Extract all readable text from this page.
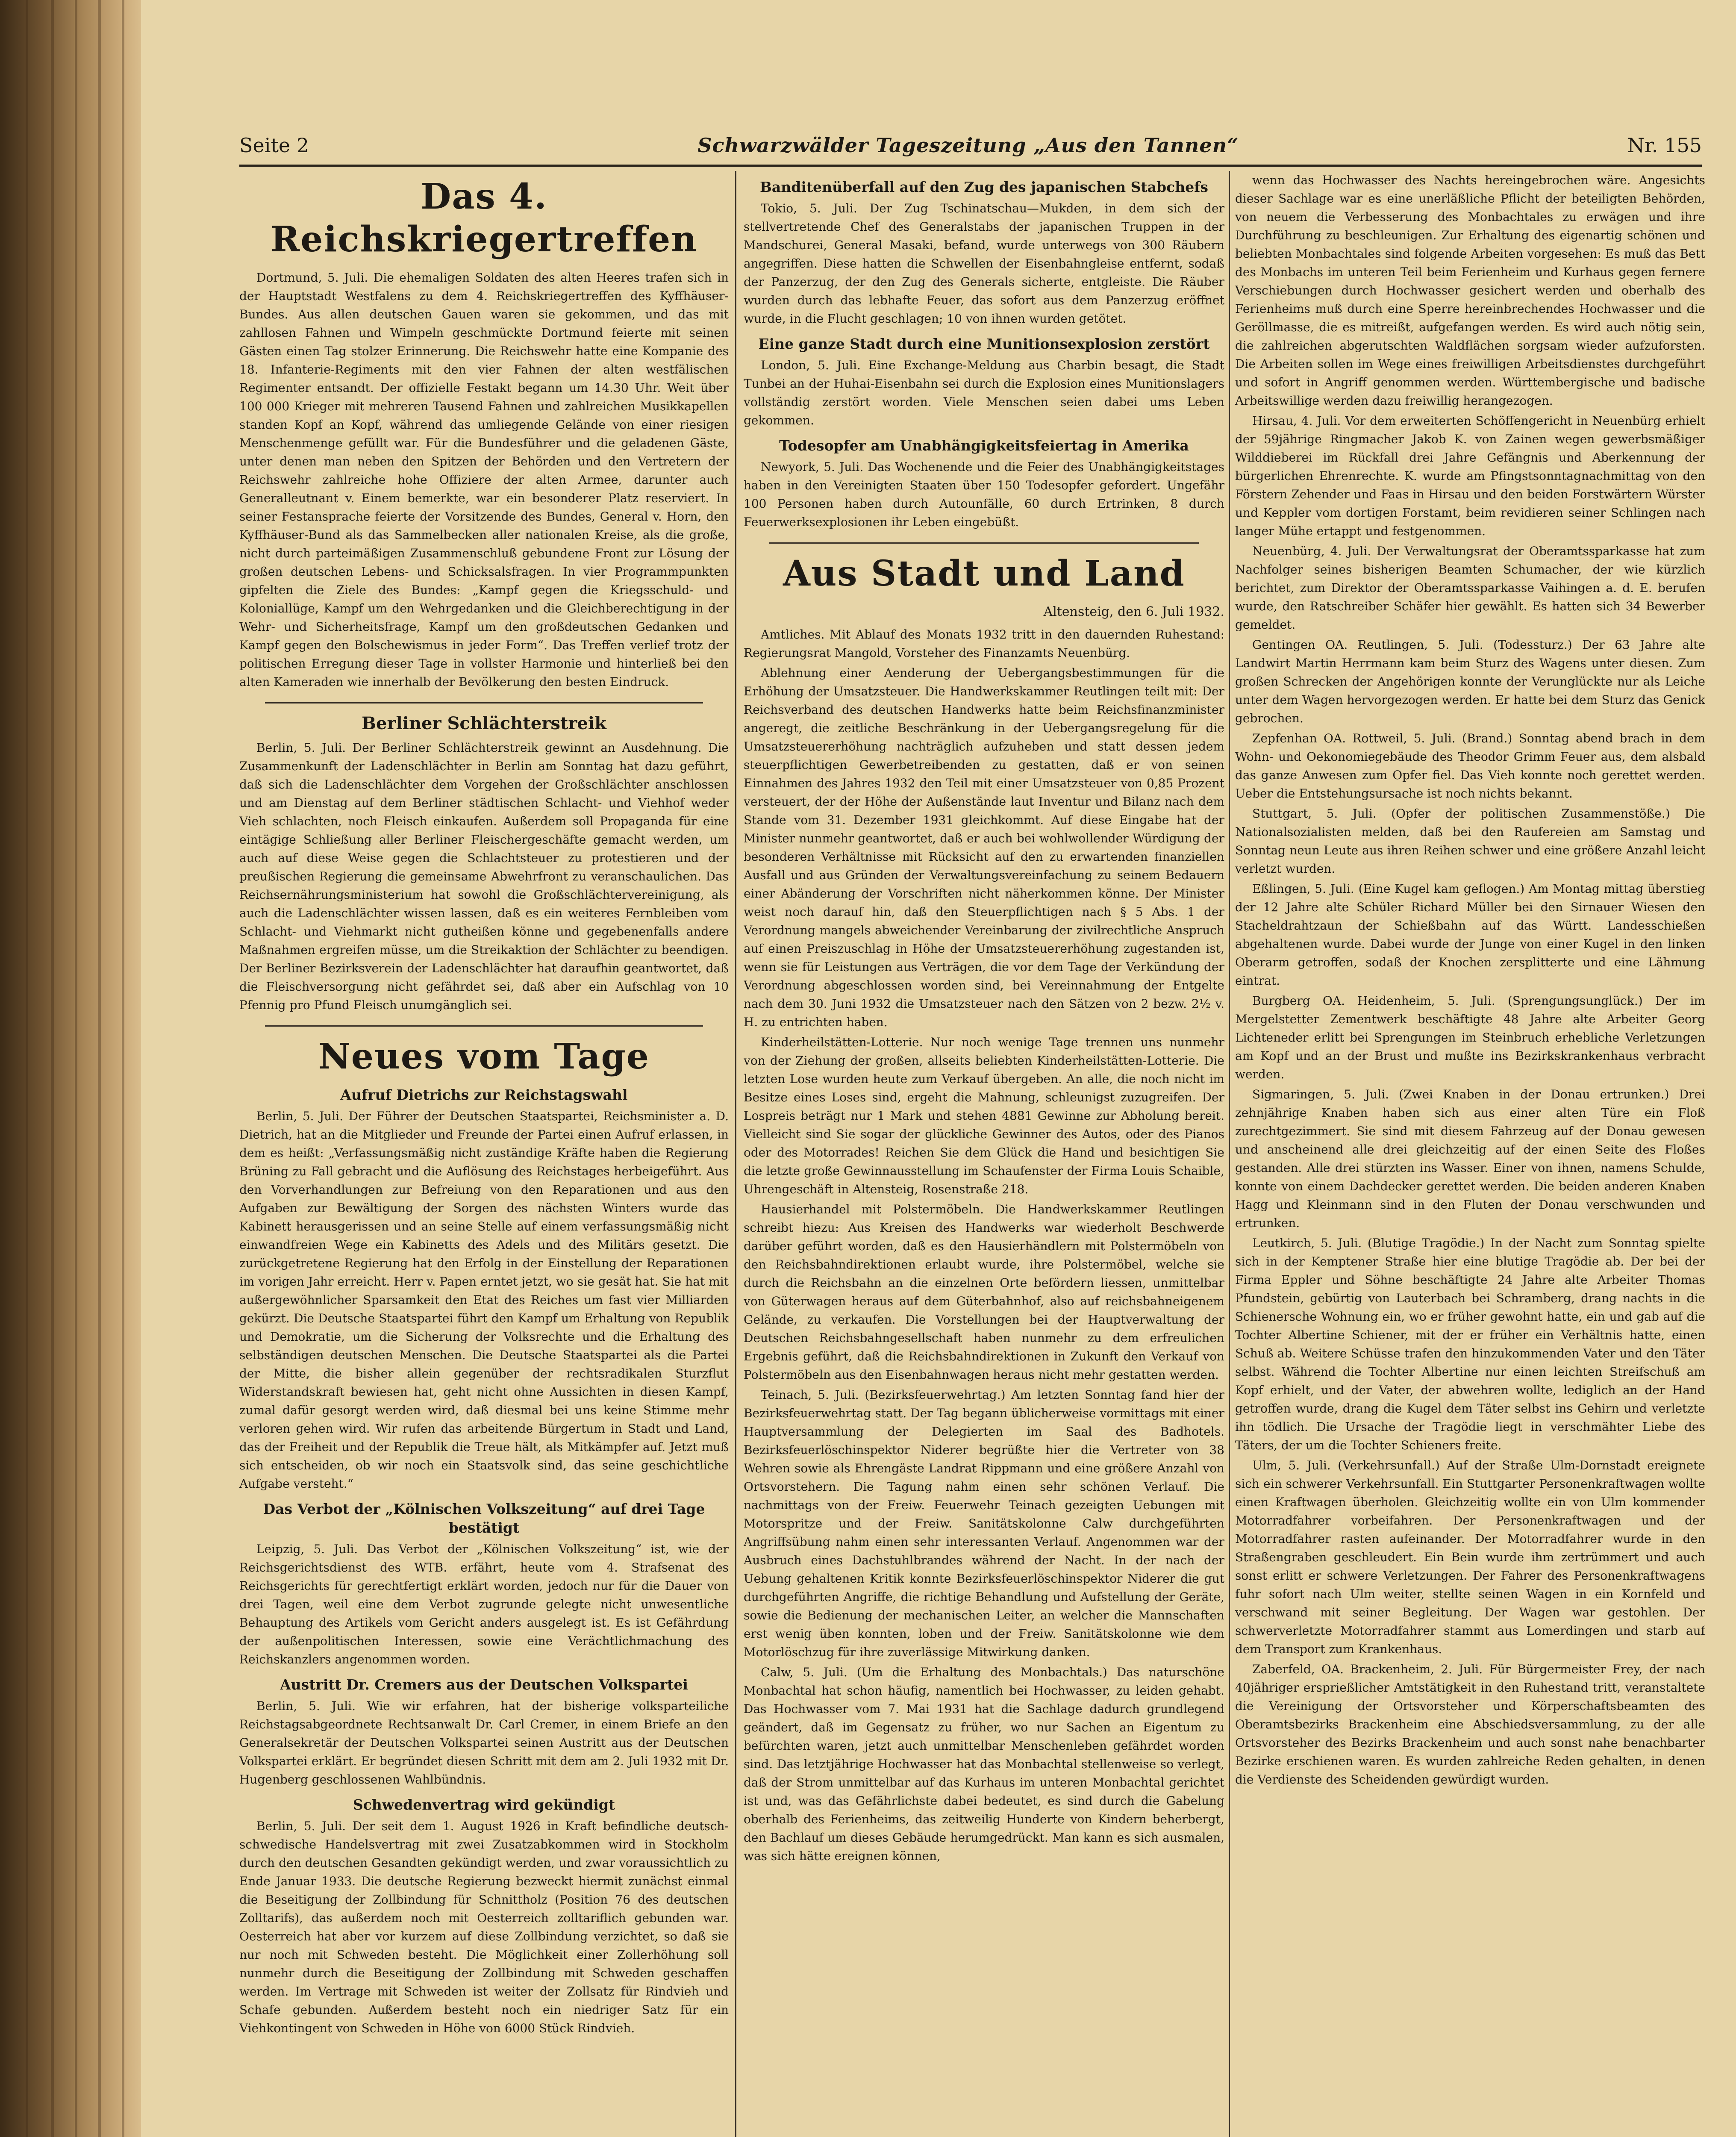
Seite 2	Schwarzwälder Tageszeitung „Aus den Tannen“	Nr. 155
Das 4. Reichskriegertreffen

Dortmund, 5. Juli. Die ehemaligen Soldaten des alten Heeres trafen sich in der Hauptstadt Westfalens zu dem 4. Reichskriegertreffen des Kyffhäuser-Bundes. Aus allen deutschen Gauen waren sie gekommen, und das mit zahllosen Fahnen und Wimpeln geschmückte Dortmund feierte mit seinen Gästen einen Tag stolzer Erinnerung. Die Reichswehr hatte eine Kompanie des 18. Infanterie-Regiments mit den vier Fahnen der alten westfälischen Regimenter entsandt. Der offizielle Festakt begann um 14.30 Uhr. Weit über 100 000 Krieger mit mehreren Tausend Fahnen und zahlreichen Musikkapellen standen Kopf an Kopf, während das umliegende Gelände von einer riesigen Menschenmenge gefüllt war. Für die Bundesführer und die geladenen Gäste, unter denen man neben den Spitzen der Behörden und den Vertretern der Reichswehr zahlreiche hohe Offiziere der alten Armee, darunter auch Generalleutnant v. Einem bemerkte, war ein besonderer Platz reserviert. In seiner Festansprache feierte der Vorsitzende des Bundes, General v. Horn, den Kyffhäuser-Bund als das Sammelbecken aller nationalen Kreise, als die große, nicht durch parteimäßigen Zusammenschluß gebundene Front zur Lösung der großen deutschen Lebens- und Schicksalsfragen. In vier Programmpunkten gipfelten die Ziele des Bundes: „Kampf gegen die Kriegsschuld- und Koloniallüge, Kampf um den Wehrgedanken und die Gleichberechtigung in der Wehr- und Sicherheitsfrage, Kampf um den großdeutschen Gedanken und Kampf gegen den Bolschewismus in jeder Form“. Das Treffen verlief trotz der politischen Erregung dieser Tage in vollster Harmonie und hinterließ bei den alten Kameraden wie innerhalb der Bevölkerung den besten Eindruck.

Berliner Schlächterstreik

Berlin, 5. Juli. Der Berliner Schlächterstreik gewinnt an Ausdehnung. Die Zusammenkunft der Ladenschlächter in Berlin am Sonntag hat dazu geführt, daß sich die Ladenschlächter dem Vorgehen der Großschlächter anschlossen und am Dienstag auf dem Berliner städtischen Schlacht- und Viehhof weder Vieh schlachten, noch Fleisch einkaufen. Außerdem soll Propaganda für eine eintägige Schließung aller Berliner Fleischergeschäfte gemacht werden, um auch auf diese Weise gegen die Schlachtsteuer zu protestieren und der preußischen Regierung die gemeinsame Abwehrfront zu veranschaulichen. Das Reichsernährungsministerium hat sowohl die Großschlächtervereinigung, als auch die Ladenschlächter wissen lassen, daß es ein weiteres Fernbleiben vom Schlacht- und Viehmarkt nicht gutheißen könne und gegebenenfalls andere Maßnahmen ergreifen müsse, um die Streikaktion der Schlächter zu beendigen. Der Berliner Bezirksverein der Ladenschlächter hat daraufhin geantwortet, daß die Fleischversorgung nicht gefährdet sei, daß aber ein Aufschlag von 10 Pfennig pro Pfund Fleisch unumgänglich sei.

Neues vom Tage
Aufruf Dietrichs zur Reichstagswahl

Berlin, 5. Juli. Der Führer der Deutschen Staatspartei, Reichsminister a. D. Dietrich, hat an die Mitglieder und Freunde der Partei einen Aufruf erlassen, in dem es heißt: „Verfassungsmäßig nicht zuständige Kräfte haben die Regierung Brüning zu Fall gebracht und die Auflösung des Reichstages herbeigeführt. Aus den Vorverhandlungen zur Befreiung von den Reparationen und aus den Aufgaben zur Bewältigung der Sorgen des nächsten Winters wurde das Kabinett herausgerissen und an seine Stelle auf einem verfassungsmäßig nicht einwandfreien Wege ein Kabinetts des Adels und des Militärs gesetzt. Die zurückgetretene Regierung hat den Erfolg in der Einstellung der Reparationen im vorigen Jahr erreicht. Herr v. Papen erntet jetzt, wo sie gesät hat. Sie hat mit außergewöhnlicher Sparsamkeit den Etat des Reiches um fast vier Milliarden gekürzt. Die Deutsche Staatspartei führt den Kampf um Erhaltung von Republik und Demokratie, um die Sicherung der Volksrechte und die Erhaltung des selbständigen deutschen Menschen. Die Deutsche Staatspartei als die Partei der Mitte, die bisher allein gegenüber der rechtsradikalen Sturzflut Widerstandskraft bewiesen hat, geht nicht ohne Aussichten in diesen Kampf, zumal dafür gesorgt werden wird, daß diesmal bei uns keine Stimme mehr verloren gehen wird. Wir rufen das arbeitende Bürgertum in Stadt und Land, das der Freiheit und der Republik die Treue hält, als Mitkämpfer auf. Jetzt muß sich entscheiden, ob wir noch ein Staatsvolk sind, das seine geschichtliche Aufgabe versteht.“

Das Verbot der „Kölnischen Volkszeitung“ auf drei Tage bestätigt

Leipzig, 5. Juli. Das Verbot der „Kölnischen Volkszeitung“ ist, wie der Reichsgerichtsdienst des WTB. erfährt, heute vom 4. Strafsenat des Reichsgerichts für gerechtfertigt erklärt worden, jedoch nur für die Dauer von drei Tagen, weil eine dem Verbot zugrunde gelegte nicht unwesentliche Behauptung des Artikels vom Gericht anders ausgelegt ist. Es ist Gefährdung der außenpolitischen Interessen, sowie eine Verächtlichmachung des Reichskanzlers angenommen worden.

Austritt Dr. Cremers aus der Deutschen Volkspartei

Berlin, 5. Juli. Wie wir erfahren, hat der bisherige volksparteiliche Reichstagsabgeordnete Rechtsanwalt Dr. Carl Cremer, in einem Briefe an den Generalsekretär der Deutschen Volkspartei seinen Austritt aus der Deutschen Volkspartei erklärt. Er begründet diesen Schritt mit dem am 2. Juli 1932 mit Dr. Hugenberg geschlossenen Wahlbündnis.

Schwedenvertrag wird gekündigt

Berlin, 5. Juli. Der seit dem 1. August 1926 in Kraft befindliche deutsch-schwedische Handelsvertrag mit zwei Zusatzabkommen wird in Stockholm durch den deutschen Gesandten gekündigt werden, und zwar voraussichtlich zu Ende Januar 1933. Die deutsche Regierung bezweckt hiermit zunächst einmal die Beseitigung der Zollbindung für Schnittholz (Position 76 des deutschen Zolltarifs), das außerdem noch mit Oesterreich zolltariflich gebunden war. Oesterreich hat aber vor kurzem auf diese Zollbindung verzichtet, so daß sie nur noch mit Schweden besteht. Die Möglichkeit einer Zollerhöhung soll nunmehr durch die Beseitigung der Zollbindung mit Schweden geschaffen werden. Im Vertrage mit Schweden ist weiter der Zollsatz für Rindvieh und Schafe gebunden. Außerdem besteht noch ein niedriger Satz für ein Viehkontingent von Schweden in Höhe von 6000 Stück Rindvieh.

Banditenüberfall auf den Zug des japanischen Stabchefs

Tokio, 5. Juli. Der Zug Tschinatschau—Mukden, in dem sich der stellvertretende Chef des Generalstabs der japanischen Truppen in der Mandschurei, General Masaki, befand, wurde unterwegs von 300 Räubern angegriffen. Diese hatten die Schwellen der Eisenbahngleise entfernt, sodaß der Panzerzug, der den Zug des Generals sicherte, entgleiste. Die Räuber wurden durch das lebhafte Feuer, das sofort aus dem Panzerzug eröffnet wurde, in die Flucht geschlagen; 10 von ihnen wurden getötet.

Eine ganze Stadt durch eine Munitionsexplosion zerstört

London, 5. Juli. Eine Exchange-Meldung aus Charbin besagt, die Stadt Tunbei an der Huhai-Eisenbahn sei durch die Explosion eines Munitionslagers vollständig zerstört worden. Viele Menschen seien dabei ums Leben gekommen.

Todesopfer am Unabhängigkeitsfeiertag in Amerika

Newyork, 5. Juli. Das Wochenende und die Feier des Unabhängigkeitstages haben in den Vereinigten Staaten über 150 Todesopfer gefordert. Ungefähr 100 Personen haben durch Autounfälle, 60 durch Ertrinken, 8 durch Feuerwerksexplosionen ihr Leben eingebüßt.

Aus Stadt und Land
Altensteig, den 6. Juli 1932.

Amtliches. Mit Ablauf des Monats 1932 tritt in den dauernden Ruhestand: Regierungsrat Mangold, Vorsteher des Finanzamts Neuenbürg.

Ablehnung einer Aenderung der Uebergangsbestimmungen für die Erhöhung der Umsatzsteuer. Die Handwerkskammer Reutlingen teilt mit: Der Reichsverband des deutschen Handwerks hatte beim Reichsfinanzminister angeregt, die zeitliche Beschränkung in der Uebergangsregelung für die Umsatzsteuererhöhung nachträglich aufzuheben und statt dessen jedem steuerpflichtigen Gewerbetreibenden zu gestatten, daß er von seinen Einnahmen des Jahres 1932 den Teil mit einer Umsatzsteuer von 0,85 Prozent versteuert, der der Höhe der Außenstände laut Inventur und Bilanz nach dem Stande vom 31. Dezember 1931 gleichkommt. Auf diese Eingabe hat der Minister nunmehr geantwortet, daß er auch bei wohlwollender Würdigung der besonderen Verhältnisse mit Rücksicht auf den zu erwartenden finanziellen Ausfall und aus Gründen der Verwaltungsvereinfachung zu seinem Bedauern einer Abänderung der Vorschriften nicht näherkommen könne. Der Minister weist noch darauf hin, daß den Steuerpflichtigen nach § 5 Abs. 1 der Verordnung mangels abweichender Vereinbarung der zivilrechtliche Anspruch auf einen Preiszuschlag in Höhe der Umsatzsteuererhöhung zugestanden ist, wenn sie für Leistungen aus Verträgen, die vor dem Tage der Verkündung der Verordnung abgeschlossen worden sind, bei Vereinnahmung der Entgelte nach dem 30. Juni 1932 die Umsatzsteuer nach den Sätzen von 2 bezw. 2½ v. H. zu entrichten haben.

Kinderheilstätten-Lotterie. Nur noch wenige Tage trennen uns nunmehr von der Ziehung der großen, allseits beliebten Kinderheilstätten-Lotterie. Die letzten Lose wurden heute zum Verkauf übergeben. An alle, die noch nicht im Besitze eines Loses sind, ergeht die Mahnung, schleunigst zuzugreifen. Der Lospreis beträgt nur 1 Mark und stehen 4881 Gewinne zur Abholung bereit. Vielleicht sind Sie sogar der glückliche Gewinner des Autos, oder des Pianos oder des Motorrades! Reichen Sie dem Glück die Hand und besichtigen Sie die letzte große Gewinnausstellung im Schaufenster der Firma Louis Schaible, Uhrengeschäft in Altensteig, Rosenstraße 218.

Hausierhandel mit Polstermöbeln. Die Handwerkskammer Reutlingen schreibt hiezu: Aus Kreisen des Handwerks war wiederholt Beschwerde darüber geführt worden, daß es den Hausierhändlern mit Polstermöbeln von den Reichsbahndirektionen erlaubt wurde, ihre Polstermöbel, welche sie durch die Reichsbahn an die einzelnen Orte befördern liessen, unmittelbar von Güterwagen heraus auf dem Güterbahnhof, also auf reichsbahneigenem Gelände, zu verkaufen. Die Vorstellungen bei der Hauptverwaltung der Deutschen Reichsbahngesellschaft haben nunmehr zu dem erfreulichen Ergebnis geführt, daß die Reichsbahndirektionen in Zukunft den Verkauf von Polstermöbeln aus den Eisenbahnwagen heraus nicht mehr gestatten werden.

Teinach, 5. Juli. (Bezirksfeuerwehrtag.) Am letzten Sonntag fand hier der Bezirksfeuerwehrtag statt. Der Tag begann üblicherweise vormittags mit einer Hauptversammlung der Delegierten im Saal des Badhotels. Bezirksfeuerlöschinspektor Niderer begrüßte hier die Vertreter von 38 Wehren sowie als Ehrengäste Landrat Rippmann und eine größere Anzahl von Ortsvorstehern. Die Tagung nahm einen sehr schönen Verlauf. Die nachmittags von der Freiw. Feuerwehr Teinach gezeigten Uebungen mit Motorspritze und der Freiw. Sanitätskolonne Calw durchgeführten Angriffsübung nahm einen sehr interessanten Verlauf. Angenommen war der Ausbruch eines Dachstuhlbrandes während der Nacht. In der nach der Uebung gehaltenen Kritik konnte Bezirksfeuerlöschinspektor Niderer die gut durchgeführten Angriffe, die richtige Behandlung und Aufstellung der Geräte, sowie die Bedienung der mechanischen Leiter, an welcher die Mannschaften erst wenig üben konnten, loben und der Freiw. Sanitätskolonne wie dem Motorlöschzug für ihre zuverlässige Mitwirkung danken.

Calw, 5. Juli. (Um die Erhaltung des Monbachtals.) Das naturschöne Monbachtal hat schon häufig, namentlich bei Hochwasser, zu leiden gehabt. Das Hochwasser vom 7. Mai 1931 hat die Sachlage dadurch grundlegend geändert, daß im Gegensatz zu früher, wo nur Sachen an Eigentum zu befürchten waren, jetzt auch unmittelbar Menschenleben gefährdet worden sind. Das letztjährige Hochwasser hat das Monbachtal stellenweise so verlegt, daß der Strom unmittelbar auf das Kurhaus im unteren Monbachtal gerichtet ist und, was das Gefährlichste dabei bedeutet, es sind durch die Gabelung oberhalb des Ferienheims, das zeitweilig Hunderte von Kindern beherbergt, den Bachlauf um dieses Gebäude herumgedrückt. Man kann es sich ausmalen, was sich hätte ereignen können,

wenn das Hochwasser des Nachts hereingebrochen wäre. Angesichts dieser Sachlage war es eine unerläßliche Pflicht der beteiligten Behörden, von neuem die Verbesserung des Monbachtales zu erwägen und ihre Durchführung zu beschleunigen. Zur Erhaltung des eigenartig schönen und beliebten Monbachtales sind folgende Arbeiten vorgesehen: Es muß das Bett des Monbachs im unteren Teil beim Ferienheim und Kurhaus gegen fernere Verschiebungen durch Hochwasser gesichert werden und oberhalb des Ferienheims muß durch eine Sperre hereinbrechendes Hochwasser und die Geröllmasse, die es mitreißt, aufgefangen werden. Es wird auch nötig sein, die zahlreichen abgerutschten Waldflächen sorgsam wieder aufzuforsten. Die Arbeiten sollen im Wege eines freiwilligen Arbeitsdienstes durchgeführt und sofort in Angriff genommen werden. Württembergische und badische Arbeitswillige werden dazu freiwillig herangezogen.

Hirsau, 4. Juli. Vor dem erweiterten Schöffengericht in Neuenbürg erhielt der 59jährige Ringmacher Jakob K. von Zainen wegen gewerbsmäßiger Wilddieberei im Rückfall drei Jahre Gefängnis und Aberkennung der bürgerlichen Ehrenrechte. K. wurde am Pfingstsonntagnachmittag von den Förstern Zehender und Faas in Hirsau und den beiden Forstwärtern Würster und Keppler vom dortigen Forstamt, beim revidieren seiner Schlingen nach langer Mühe ertappt und festgenommen.

Neuenbürg, 4. Juli. Der Verwaltungsrat der Oberamtssparkasse hat zum Nachfolger seines bisherigen Beamten Schumacher, der wie kürzlich berichtet, zum Direktor der Oberamtssparkasse Vaihingen a. d. E. berufen wurde, den Ratschreiber Schäfer hier gewählt. Es hatten sich 34 Bewerber gemeldet.

Gentingen OA. Reutlingen, 5. Juli. (Todessturz.) Der 63 Jahre alte Landwirt Martin Herrmann kam beim Sturz des Wagens unter diesen. Zum großen Schrecken der Angehörigen konnte der Verunglückte nur als Leiche unter dem Wagen hervorgezogen werden. Er hatte bei dem Sturz das Genick gebrochen.

Zepfenhan OA. Rottweil, 5. Juli. (Brand.) Sonntag abend brach in dem Wohn- und Oekonomiegebäude des Theodor Grimm Feuer aus, dem alsbald das ganze Anwesen zum Opfer fiel. Das Vieh konnte noch gerettet werden. Ueber die Entstehungsursache ist noch nichts bekannt.

Stuttgart, 5. Juli. (Opfer der politischen Zusammenstöße.) Die Nationalsozialisten melden, daß bei den Raufereien am Samstag und Sonntag neun Leute aus ihren Reihen schwer und eine größere Anzahl leicht verletzt wurden.

Eßlingen, 5. Juli. (Eine Kugel kam geflogen.) Am Montag mittag überstieg der 12 Jahre alte Schüler Richard Müller bei den Sirnauer Wiesen den Stacheldrahtzaun der Schießbahn auf das Württ. Landesschießen abgehaltenen wurde. Dabei wurde der Junge von einer Kugel in den linken Oberarm getroffen, sodaß der Knochen zersplitterte und eine Lähmung eintrat.

Burgberg OA. Heidenheim, 5. Juli. (Sprengungsunglück.) Der im Mergelstetter Zementwerk beschäftigte 48 Jahre alte Arbeiter Georg Lichteneder erlitt bei Sprengungen im Steinbruch erhebliche Verletzungen am Kopf und an der Brust und mußte ins Bezirkskrankenhaus verbracht werden.

Sigmaringen, 5. Juli. (Zwei Knaben in der Donau ertrunken.) Drei zehnjährige Knaben haben sich aus einer alten Türe ein Floß zurechtgezimmert. Sie sind mit diesem Fahrzeug auf der Donau gewesen und anscheinend alle drei gleichzeitig auf der einen Seite des Floßes gestanden. Alle drei stürzten ins Wasser. Einer von ihnen, namens Schulde, konnte von einem Dachdecker gerettet werden. Die beiden anderen Knaben Hagg und Kleinmann sind in den Fluten der Donau verschwunden und ertrunken.

Leutkirch, 5. Juli. (Blutige Tragödie.) In der Nacht zum Sonntag spielte sich in der Kemptener Straße hier eine blutige Tragödie ab. Der bei der Firma Eppler und Söhne beschäftigte 24 Jahre alte Arbeiter Thomas Pfundstein, gebürtig von Lauterbach bei Schramberg, drang nachts in die Schienersche Wohnung ein, wo er früher gewohnt hatte, ein und gab auf die Tochter Albertine Schiener, mit der er früher ein Verhältnis hatte, einen Schuß ab. Weitere Schüsse trafen den hinzukommenden Vater und den Täter selbst. Während die Tochter Albertine nur einen leichten Streifschuß am Kopf erhielt, und der Vater, der abwehren wollte, lediglich an der Hand getroffen wurde, drang die Kugel dem Täter selbst ins Gehirn und verletzte ihn tödlich. Die Ursache der Tragödie liegt in verschmähter Liebe des Täters, der um die Tochter Schieners freite.

Ulm, 5. Juli. (Verkehrsunfall.) Auf der Straße Ulm-Dornstadt ereignete sich ein schwerer Verkehrsunfall. Ein Stuttgarter Personenkraftwagen wollte einen Kraftwagen überholen. Gleichzeitig wollte ein von Ulm kommender Motorradfahrer vorbeifahren. Der Personenkraftwagen und der Motorradfahrer rasten aufeinander. Der Motorradfahrer wurde in den Straßengraben geschleudert. Ein Bein wurde ihm zertrümmert und auch sonst erlitt er schwere Verletzungen. Der Fahrer des Personenkraftwagens fuhr sofort nach Ulm weiter, stellte seinen Wagen in ein Kornfeld und verschwand mit seiner Begleitung. Der Wagen war gestohlen. Der schwerverletzte Motorradfahrer stammt aus Lomerdingen und starb auf dem Transport zum Krankenhaus.

Zaberfeld, OA. Brackenheim, 2. Juli. Für Bürgermeister Frey, der nach 40jähriger ersprießlicher Amtstätigkeit in den Ruhestand tritt, veranstaltete die Vereinigung der Ortsvorsteher und Körperschaftsbeamten des Oberamtsbezirks Brackenheim eine Abschiedsversammlung, zu der alle Ortsvorsteher des Bezirks Brackenheim und auch sonst nahe benachbarter Bezirke erschienen waren. Es wurden zahlreiche Reden gehalten, in denen die Verdienste des Scheidenden gewürdigt wurden.
